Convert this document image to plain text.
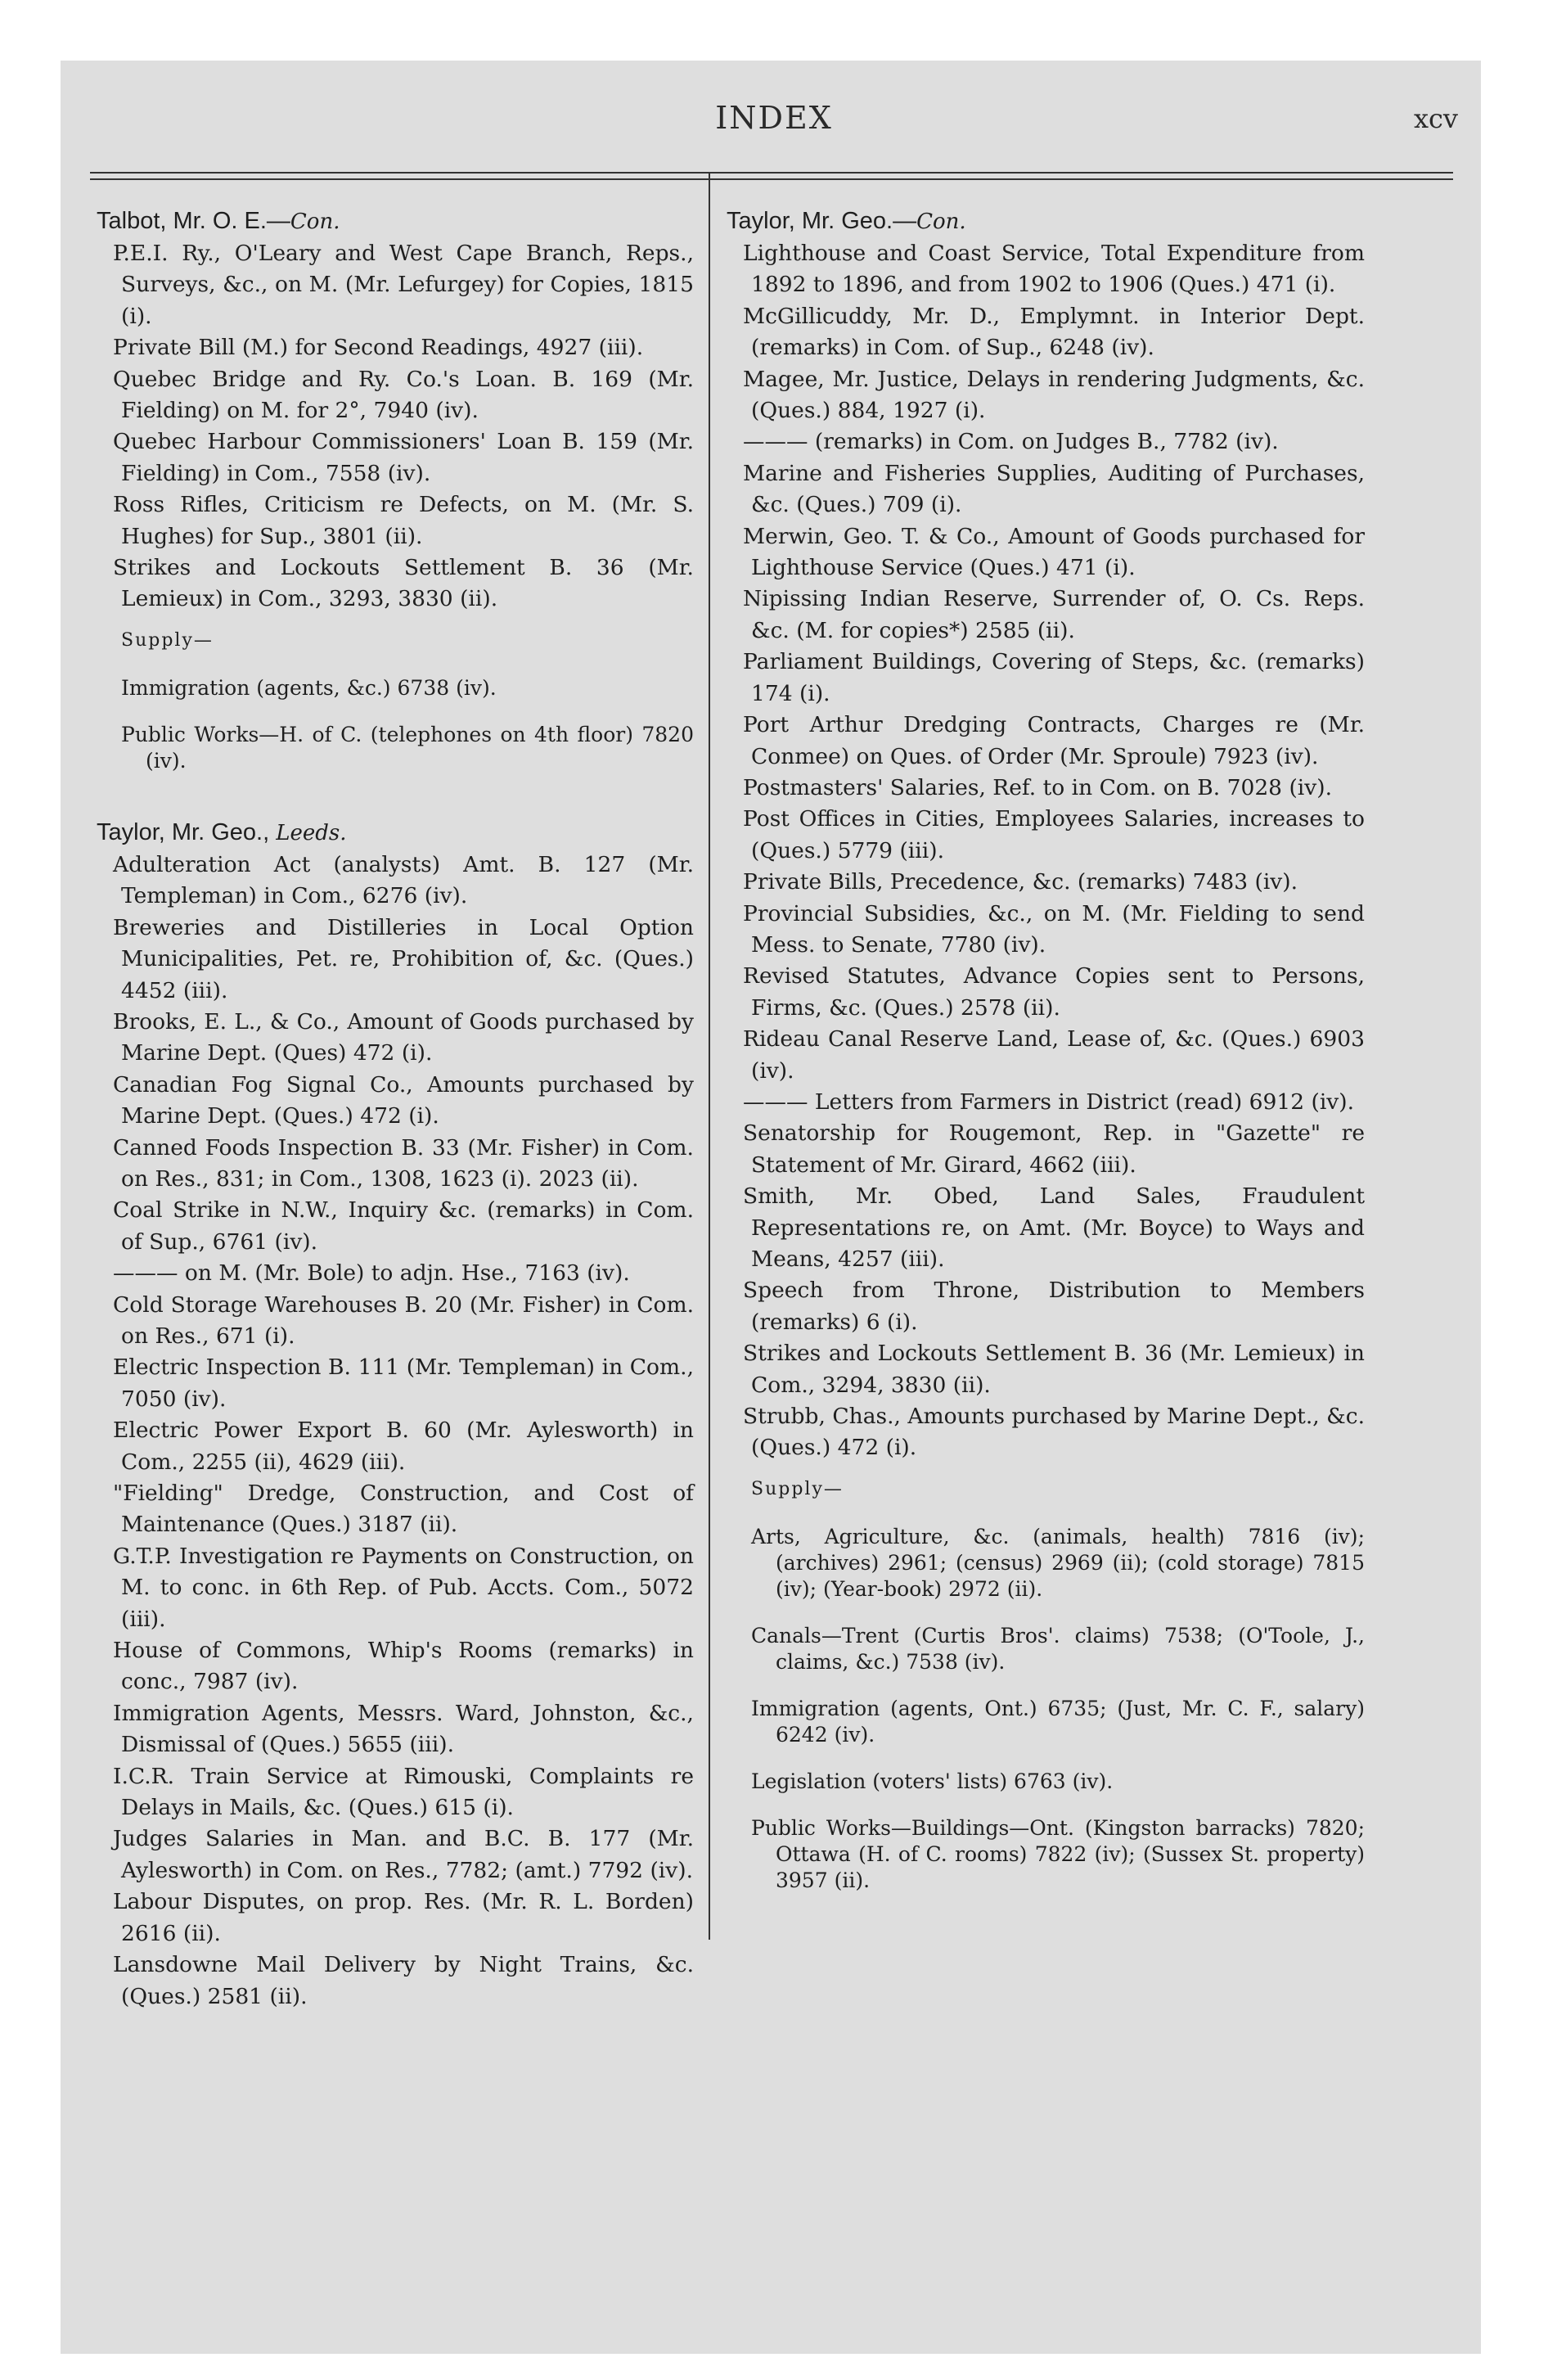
INDEX	xcv

Talbot, Mr. O. E.—Con.

P.E.I. Ry., O'Leary and West Cape Branch, Reps., Surveys, &c., on M. (Mr. Lefurgey) for Copies, 1815 (i).

Private Bill (M.) for Second Readings, 4927 (iii).

Quebec Bridge and Ry. Co.'s Loan. B. 169 (Mr. Fielding) on M. for 2°, 7940 (iv).

Quebec Harbour Commissioners' Loan B. 159 (Mr. Fielding) in Com., 7558 (iv).

Ross Rifles, Criticism re Defects, on M. (Mr. S. Hughes) for Sup., 3801 (ii).

Strikes and Lockouts Settlement B. 36 (Mr. Lemieux) in Com., 3293, 3830 (ii).

Supply—

Immigration (agents, &c.) 6738 (iv).

Public Works—H. of C. (telephones on 4th floor) 7820 (iv).

Taylor, Mr. Geo., Leeds.

Adulteration Act (analysts) Amt. B. 127 (Mr. Templeman) in Com., 6276 (iv).

Breweries and Distilleries in Local Option Municipalities, Pet. re, Prohibition of, &c. (Ques.) 4452 (iii).

Brooks, E. L., & Co., Amount of Goods purchased by Marine Dept. (Ques) 472 (i).

Canadian Fog Signal Co., Amounts purchased by Marine Dept. (Ques.) 472 (i).

Canned Foods Inspection B. 33 (Mr. Fisher) in Com. on Res., 831; in Com., 1308, 1623 (i). 2023 (ii).

Coal Strike in N.W., Inquiry &c. (remarks) in Com. of Sup., 6761 (iv).

——— on M. (Mr. Bole) to adjn. Hse., 7163 (iv).

Cold Storage Warehouses B. 20 (Mr. Fisher) in Com. on Res., 671 (i).

Electric Inspection B. 111 (Mr. Templeman) in Com., 7050 (iv).

Electric Power Export B. 60 (Mr. Aylesworth) in Com., 2255 (ii), 4629 (iii).

"Fielding" Dredge, Construction, and Cost of Maintenance (Ques.) 3187 (ii).

G.T.P. Investigation re Payments on Construction, on M. to conc. in 6th Rep. of Pub. Accts. Com., 5072 (iii).

House of Commons, Whip's Rooms (remarks) in conc., 7987 (iv).

Immigration Agents, Messrs. Ward, Johnston, &c., Dismissal of (Ques.) 5655 (iii).

I.C.R. Train Service at Rimouski, Complaints re Delays in Mails, &c. (Ques.) 615 (i).

Judges Salaries in Man. and B.C. B. 177 (Mr. Aylesworth) in Com. on Res., 7782; (amt.) 7792 (iv).

Labour Disputes, on prop. Res. (Mr. R. L. Borden) 2616 (ii).

Lansdowne Mail Delivery by Night Trains, &c. (Ques.) 2581 (ii).

Taylor, Mr. Geo.—Con.

Lighthouse and Coast Service, Total Expenditure from 1892 to 1896, and from 1902 to 1906 (Ques.) 471 (i).

McGillicuddy, Mr. D., Emplymnt. in Interior Dept. (remarks) in Com. of Sup., 6248 (iv).

Magee, Mr. Justice, Delays in rendering Judgments, &c. (Ques.) 884, 1927 (i).

——— (remarks) in Com. on Judges B., 7782 (iv).

Marine and Fisheries Supplies, Auditing of Purchases, &c. (Ques.) 709 (i).

Merwin, Geo. T. & Co., Amount of Goods purchased for Lighthouse Service (Ques.) 471 (i).

Nipissing Indian Reserve, Surrender of, O. Cs. Reps. &c. (M. for copies*) 2585 (ii).

Parliament Buildings, Covering of Steps, &c. (remarks) 174 (i).

Port Arthur Dredging Contracts, Charges re (Mr. Conmee) on Ques. of Order (Mr. Sproule) 7923 (iv).

Postmasters' Salaries, Ref. to in Com. on B. 7028 (iv).

Post Offices in Cities, Employees Salaries, increases to (Ques.) 5779 (iii).

Private Bills, Precedence, &c. (remarks) 7483 (iv).

Provincial Subsidies, &c., on M. (Mr. Fielding to send Mess. to Senate, 7780 (iv).

Revised Statutes, Advance Copies sent to Persons, Firms, &c. (Ques.) 2578 (ii).

Rideau Canal Reserve Land, Lease of, &c. (Ques.) 6903 (iv).

——— Letters from Farmers in District (read) 6912 (iv).

Senatorship for Rougemont, Rep. in "Gazette" re Statement of Mr. Girard, 4662 (iii).

Smith, Mr. Obed, Land Sales, Fraudulent Representations re, on Amt. (Mr. Boyce) to Ways and Means, 4257 (iii).

Speech from Throne, Distribution to Members (remarks) 6 (i).

Strikes and Lockouts Settlement B. 36 (Mr. Lemieux) in Com., 3294, 3830 (ii).

Strubb, Chas., Amounts purchased by Marine Dept., &c. (Ques.) 472 (i).

Supply—

Arts, Agriculture, &c. (animals, health) 7816 (iv); (archives) 2961; (census) 2969 (ii); (cold storage) 7815 (iv); (Year-book) 2972 (ii).

Canals—Trent (Curtis Bros'. claims) 7538; (O'Toole, J., claims, &c.) 7538 (iv).

Immigration (agents, Ont.) 6735; (Just, Mr. C. F., salary) 6242 (iv).

Legislation (voters' lists) 6763 (iv).

Public Works—Buildings—Ont. (Kingston barracks) 7820; Ottawa (H. of C. rooms) 7822 (iv); (Sussex St. property) 3957 (ii).
